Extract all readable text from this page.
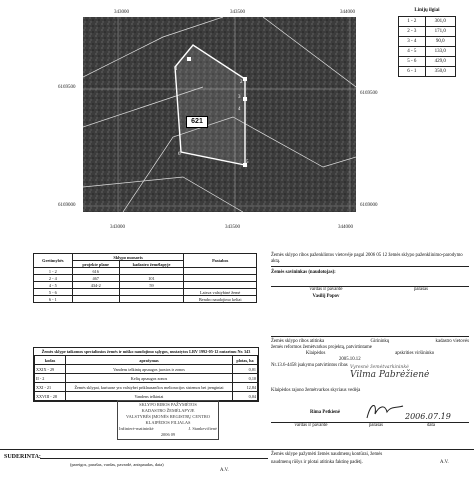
343000	343500	344000
343000	343500	344000
6169500
6169000
6169500
6169000
621
1
2
3
4
5
6
Linijų ilgiai
1 - 2	301,0
2 - 3	171,0
3 - 4	90,0
4 - 5	133,0
5 - 6	429,0
6 - 1	350,0
Gretimybės	Sklypo nuosavis		Pastabos
	projekte plane	kadastro žemėlapyje	
1 - 2	616		
2 - 4	467	101	
4 - 5	434-2	59	
5 - 6			Laisva valstybinė žemė
6 - 1			Bendro naudojimo keliai
Žemės sklype taikomos specialiosios žemės ir miško naudojimo sąlygos, nustatytos LRV 1992-05-12 nutarimu Nr. 343
kodas	aprašymas	plotas, ha
XXIX - 29	Vandens telkinių apsaugos juostos ir zonos	0,01
II - 2	Kelių apsaugos zonos	0,10
XXI - 21	Žemės sklypai, kuriuose yra valstybei priklausančios melioracijos sistemos bei įrenginiai	12,84
XXVIII - 28	Vandens telkiniai	0,04
SKLYPO RIBOS PAŽYMĖTOS
KADASTRO ŽEMĖLAPYJE
VALSTYBĖS ĮMONĖS REGISTRŲ CENTRO
KLAIPĖDOS FILIALAS
Inžinierė-matininkė	J. Stankevičienė
2006 09
Žemės sklypo ribos paženklintos vietovėje pagal 2006 05 12 žemės sklypo paženklinimo-parodymo aktą.
Žemės savininkas (naudotojas):
vardas ir pavardė	parašas
Vasilij Popov
Žemės sklypo ribos atitinka	Girininkų	kadastro vietovės
žemės reformos žemėtvarkos projektą, patvirtintame
Klaipėdos	apskrities viršininko
2005.10.12
Nr.13.6-4458 įsakymu patvirtintos ribas Vyresnė žemėtvarkininkė
Vilma Pabrėžienė
Klaipėdos rajono žemėtvarkos skyriaus vedėja
Rima Petkienė	2006.07.19
vardas ir pavardė	parašas	data
SUDERINTA:
(pareigos, parašas, vardas, pavardė, antspaudas, data)
Žemės sklype pažymėti žemės naudmenų kontūrai, žemės
naudmenų rūšys ir plotai atitinka faktinę padėtį.
A.V.
A.V.
